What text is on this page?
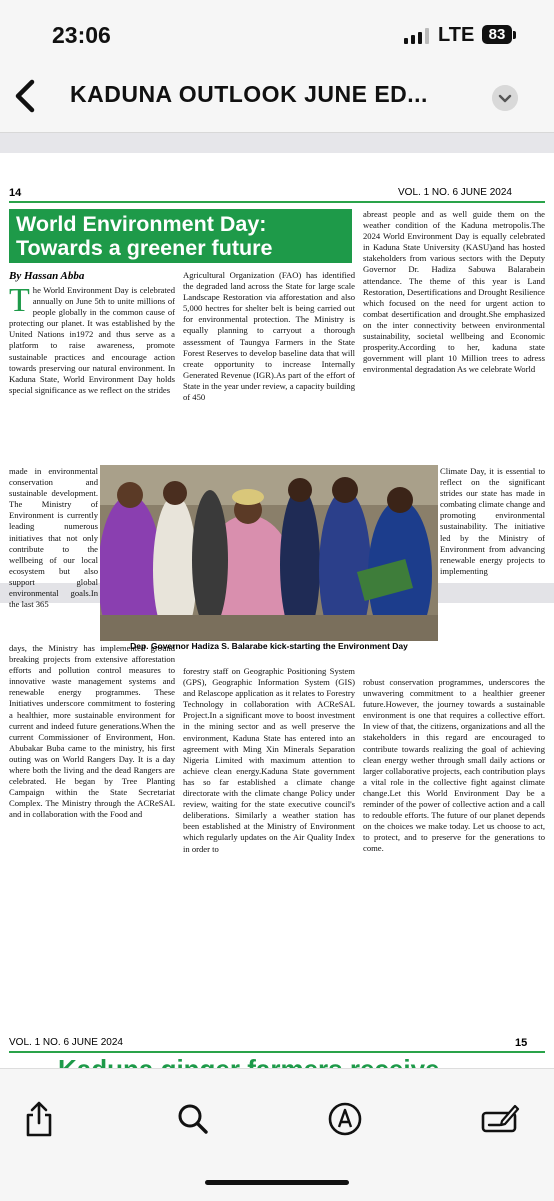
23:06	LTE 83
KADUNA OUTLOOK JUNE ED...
14	VOL. 1 NO. 6 JUNE 2024
World Environment Day:
Towards a greener future
By Hassan Abba
The World Environment Day is celebrated annually on June 5th to unite millions of people globally in the common cause of protecting our planet. It was established by the United Nations in1972 and thus serve as a platform to raise awareness, promote sustainable practices and encourage action towards preserving our natural environment. In Kaduna State, World Environment Day holds special significance as we reflect on the strides
made in environmental conservation and sustainable development. The Ministry of Environment is currently leading numerous initiatives that not only contribute to the wellbeing of our local ecosystem but also support global environmental goals.In the last 365
days, the Ministry has implemented ground breaking projects from extensive afforestation efforts and pollution control measures to innovative waste management systems and renewable energy programmes. These Initiatives underscore commitment to fostering a healthier, more sustainable environment for current and indeed future generations.When the current Commissioner of Environment, Hon. Abubakar Buba came to the ministry, his first outing was on World Rangers Day. It is a day where both the living and the dead Rangers are celebrated. He began by Tree Planting Campaign within the State Secretariat Complex. The Ministry through the ACReSAL and in collaboration with the Food and
Agricultural Organization (FAO) has identified the degraded land across the State for large scale Landscape Restoration via afforestation and also 5,000 hectres for shelter belt is being carried out for environmental protection. The Ministry is equally planning to carryout a thorough assessment of Taungya Farmers in the State Forest Reserves to develop baseline data that will create opportunity to increase Internally Generated Revenue (IGR).As part of the effort of State in the year under review, a capacity building of 450
forestry staff on Geographic Positioning System (GPS), Geographic Information System (GIS) and Relascope application as it relates to Forestry Technology in collaboration with ACReSAL Project.In a significant move to boost investment in the mining sector and as well preserve the environment, Kaduna State has entered into an agreement with Ming Xin Minerals Separation Nigeria Limited with maximum attention to achieve clean energy.Kaduna State government has so far established a climate change directorate with the climate change Policy under review, waiting for the state executive council's deliberations. Similarly a weather station has been established at the Ministry of Environment which regularly updates on the Air Quality Index in order to
abreast people and as well guide them on the weather condition of the Kaduna metropolis.The 2024 World Environment Day is equally celebrated in Kaduna State University (KASU)and has hosted stakeholders from various sectors with the Deputy Governor Dr. Hadiza Sabuwa Balarabein attendance. The theme of this year is Land Restoration, Desertifications and Drought Resilience which focused on the need for urgent action to combat desertification and drought.She emphasized on the inter connectivity between environmental sustainability, societal wellbeing and Economic prosperity.According to her, kaduna state government will plant 10 Million trees to adress environmental degradation As we celebrate World
Climate Day, it is essential to reflect on the significant strides our state has made in combating climate change and promoting environmental sustainability. The initiative led by the Ministry of Environment from advancing renewable energy projects to implementing
robust conservation programmes, underscores the unwavering commitment to a healthier greener future.However, the journey towards a sustainable environment is one that requires a collective effort. In view of that, the citizens, organizations and all the stakeholders in this regard are encouraged to contribute towards realizing the goal of achieving clean energy wether through small daily actions or larger collaborative projects, each contribution plays a vital role in the collective fight against climate change.Let this World Environment Day be a reminder of the power of collective action and a call to redouble efforts. The future of our planet depends on the choices we make today. Let us choose to act, to protect, and to preserve for the generations to come.
Dep. Governor Hadiza S. Balarabe kick-starting the Environment Day
VOL. 1 NO. 6 JUNE 2024	15
